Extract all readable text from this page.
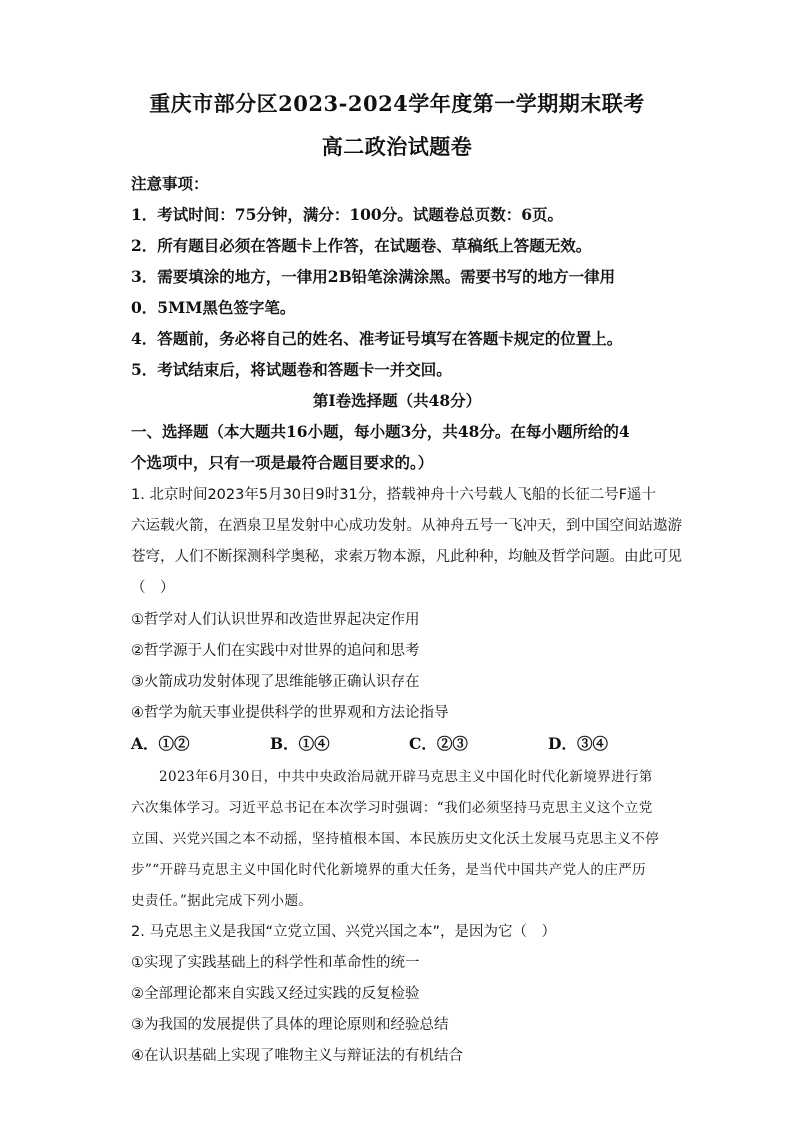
重庆市部分区2023-2024学年度第一学期期末联考
高二政治试题卷
注意事项：
1．考试时间：75分钟，满分：100分。试题卷总页数：6页。
2．所有题目必须在答题卡上作答，在试题卷、草稿纸上答题无效。
3．需要填涂的地方，一律用2B铅笔涂满涂黑。需要书写的地方一律用
0．5MM黑色签字笔。
4．答题前，务必将自己的姓名、准考证号填写在答题卡规定的位置上。
5．考试结束后，将试题卷和答题卡一并交回。
第I卷选择题（共48分）
一、选择题（本大题共16小题，每小题3分，共48分。在每小题所给的4
个选项中，只有一项是最符合题目要求的。）
1. 北京时间2023年5月30日9时31分，搭载神舟十六号载人飞船的长征二号F遥十
六运载火箭，在酒泉卫星发射中心成功发射。从神舟五号一飞冲天，到中国空间站遨游
苍穹，人们不断探测科学奥秘，求索万物本源，凡此种种，均触及哲学问题。由此可见
（　）
①哲学对人们认识世界和改造世界起决定作用
②哲学源于人们在实践中对世界的追问和思考
③火箭成功发射体现了思维能够正确认识存在
④哲学为航天事业提供科学的世界观和方法论指导
A．①②	B．①④	C．②③	D．③④
2023年6月30日，中共中央政治局就开辟马克思主义中国化时代化新境界进行第
六次集体学习。习近平总书记在本次学习时强调：“我们必须坚持马克思主义这个立党
立国、兴党兴国之本不动摇，坚持植根本国、本民族历史文化沃土发展马克思主义不停
步”“开辟马克思主义中国化时代化新境界的重大任务，是当代中国共产党人的庄严历
史责任。”据此完成下列小题。
2. 马克思主义是我国“立党立国、兴党兴国之本”，是因为它（　）
①实现了实践基础上的科学性和革命性的统一
②全部理论都来自实践又经过实践的反复检验
③为我国的发展提供了具体的理论原则和经验总结
④在认识基础上实现了唯物主义与辩证法的有机结合
